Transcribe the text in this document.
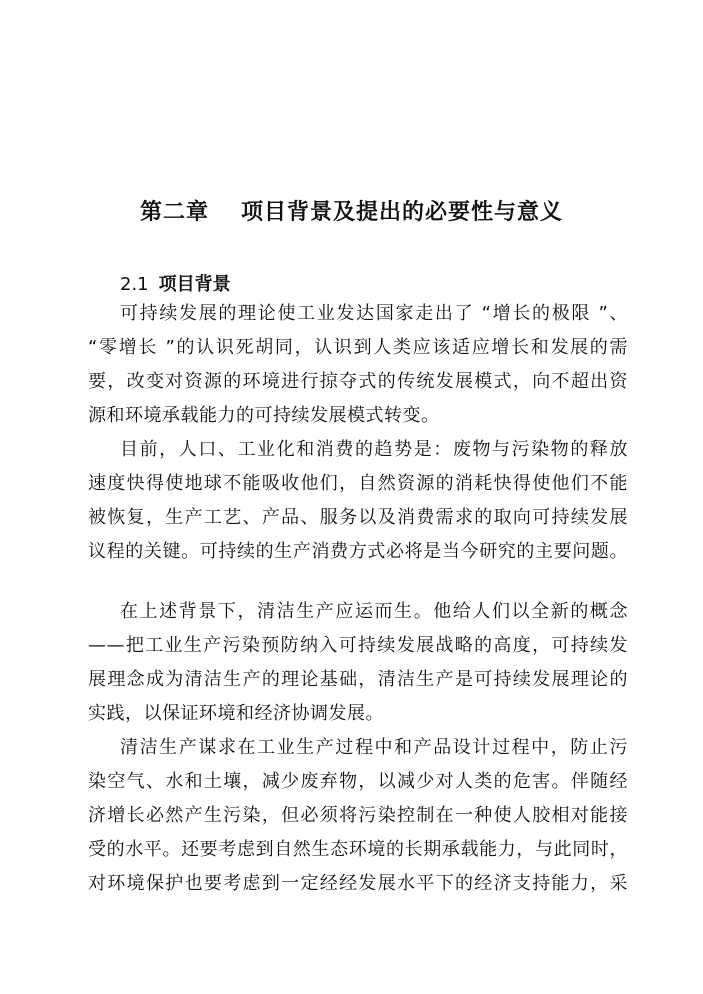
第二章 项目背景及提出的必要性与意义
2.1 项目背景
可持续发展的理论使工业发达国家走出了 “增长的极限 ”、
“零增长 ”的认识死胡同，认识到人类应该适应增长和发展的需
要，改变对资源的环境进行掠夺式的传统发展模式，向不超出资
源和环境承载能力的可持续发展模式转变。
目前，人口、工业化和消费的趋势是：废物与污染物的释放
速度快得使地球不能吸收他们，自然资源的消耗快得使他们不能
被恢复，生产工艺、产品、服务以及消费需求的取向可持续发展
议程的关键。可持续的生产消费方式必将是当今研究的主要问题。
在上述背景下，清洁生产应运而生。他给人们以全新的概念
——把工业生产污染预防纳入可持续发展战略的高度，可持续发
展理念成为清洁生产的理论基础，清洁生产是可持续发展理论的
实践，以保证环境和经济协调发展。
清洁生产谋求在工业生产过程中和产品设计过程中，防止污
染空气、水和土壤，减少废弃物，以减少对人类的危害。伴随经
济增长必然产生污染，但必须将污染控制在一种使人胶相对能接
受的水平。还要考虑到自然生态环境的长期承载能力，与此同时，
对环境保护也要考虑到一定经经发展水平下的经济支持能力，采
